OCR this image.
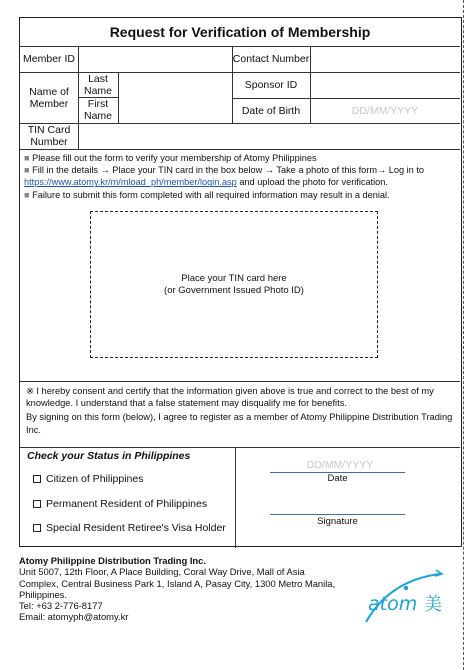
Request for Verification of Membership
Member ID	Contact Number
Name of Member
Last Name
First Name
Sponsor ID
Date of Birth	DD/MM/YYYY
TIN Card Number
■ Please fill out the form to verify your membership of Atomy Philippines
■ Fill in the details → Place your TIN card in the box below → Take a photo of this form→ Log in to https://www.atomy.kr/m/mload_ph/member/login.asp and upload the photo for verification.
■ Failure to submit this form completed with all required information may result in a denial.
Place your TIN card here
(or Government Issued Photo ID)

※ I hereby consent and certify that the information given above is true and correct to the best of my knowledge. I understand that a false statement may disqualify me for benefits.

By signing on this form (below), I agree to register as a member of Atomy Philippine Distribution Trading Inc.

Check your Status in Philippines
Citizen of Philippines
Permanent Resident of Philippines
Special Resident Retiree's Visa Holder
DD/MM/YYYY
Date
Signature
Atomy Philippine Distribution Trading Inc.
Unit 5007, 12th Floor, A Place Building, Coral Way Drive, Mall of Asia
Complex, Central Business Park 1, Island A, Pasay City, 1300 Metro Manila,
Philippines.
Tel: +63 2-776-8177
Email: atomyph@atomy.kr
atom 美
